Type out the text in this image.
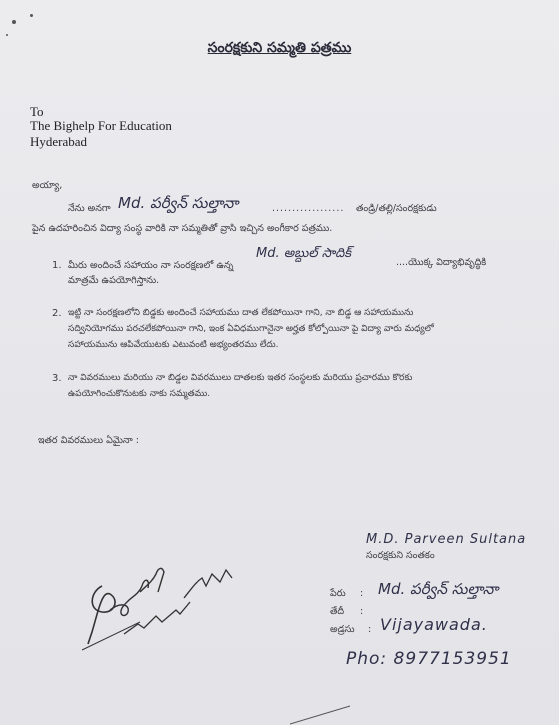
సంరక్షకుని సమ్మతి పత్రము
To
The Bighelp For Education
Hyderabad
అయ్యా,
నేను అనగా Md. పర్వీన్ సుల్తానా	.................. తండ్రి/తల్లి/సంరక్షకుడు
పైన ఉదహరించిన విద్యా సంస్థ వారికి నా సమ్మతితో వ్రాసి ఇచ్చిన అంగీకార పత్రము.
1. మీరు అందించే సహాయం నా సంరక్షణలో ఉన్న
Md. అబ్దుల్ సాదిక్
....యొక్క విద్యాభివృద్ధికి
మాత్రమే ఉపయోగిస్తాను.
2. ఇట్టి నా సంరక్షణలోని బిడ్డకు అందించే సహాయము దాత లేకపోయినా గాని, నా బిడ్డ ఆ సహాయమును
సద్వినియోగము పరచలేకపోయినా గాని, ఇంక ఏవిధముగానైనా అర్హత కోల్పోయినా పై విద్యా వారు మధ్యలో
సహాయమును ఆపివేయుటకు ఎటువంటి అభ్యంతరము లేదు.
3. నా వివరములు మరియు నా బిడ్డల వివరములు దాతలకు ఇతర సంస్థలకు మరియు ప్రచారము కొరకు
ఉపయోగించుకొనుటకు నాకు సమ్మతము.
ఇతర వివరములు ఏమైనా :
M.D. Parveen Sultana
సంరక్షకుని సంతకం
పేరు : Md. పర్వీన్ సుల్తానా
తేదీ :
అడ్రసు : Vijayawada.
Pho: 8977153951
